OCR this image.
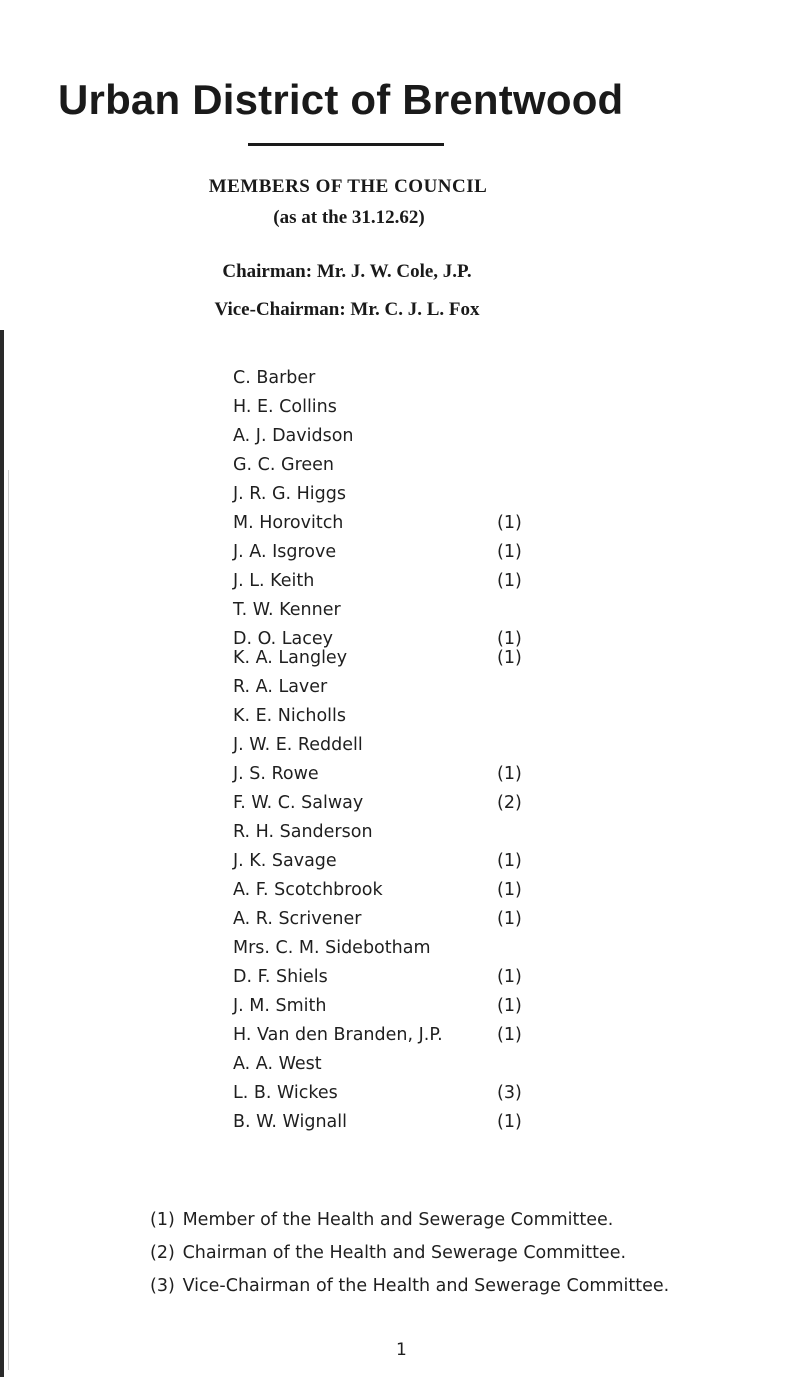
Urban District of Brentwood
MEMBERS OF THE COUNCIL
(as at the 31.12.62)
Chairman: Mr. J. W. Cole, J.P.
Vice-Chairman: Mr. C. J. L. Fox
C. Barber
H. E. Collins
A. J. Davidson
G. C. Green
J. R. G. Higgs
M. Horovitch	(1)
J. A. Isgrove	(1)
J. L. Keith	(1)
T. W. Kenner
D. O. Lacey	(1)
K. A. Langley	(1)
R. A. Laver
K. E. Nicholls
J. W. E. Reddell
J. S. Rowe	(1)
F. W. C. Salway	(2)
R. H. Sanderson
J. K. Savage	(1)
A. F. Scotchbrook	(1)
A. R. Scrivener	(1)
Mrs. C. M. Sidebotham
D. F. Shiels	(1)
J. M. Smith	(1)
H. Van den Branden, J.P.	(1)
A. A. West
L. B. Wickes	(3)
B. W. Wignall	(1)
(1) Member of the Health and Sewerage Committee.
(2) Chairman of the Health and Sewerage Committee.
(3) Vice-Chairman of the Health and Sewerage Committee.
1
